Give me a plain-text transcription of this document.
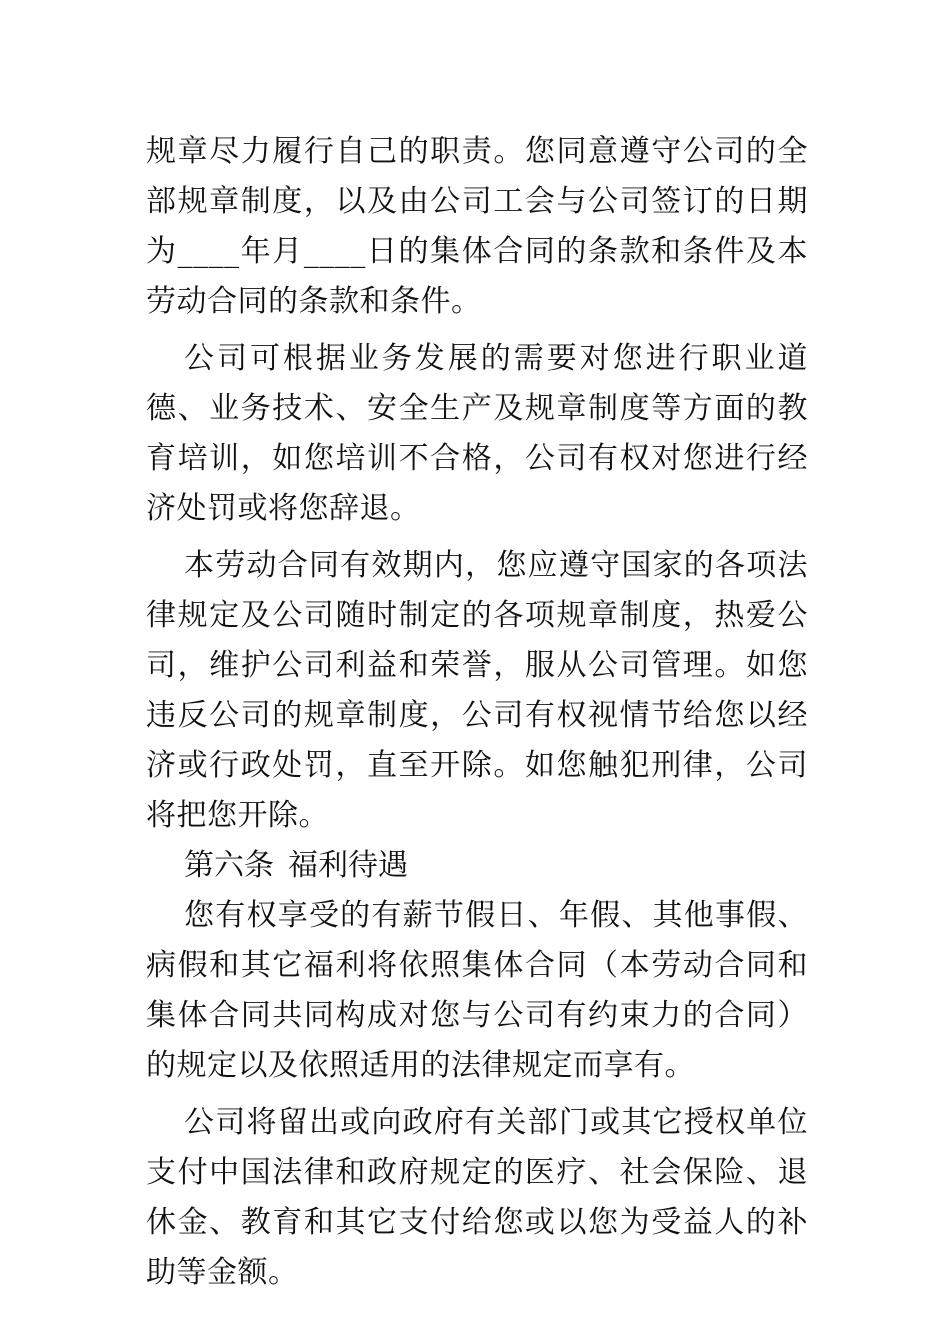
规章尽力履行自己的职责。您同意遵守公司的全部规章制度，以及由公司工会与公司签订的日期为____年月____日的集体合同的条款和条件及本劳动合同的条款和条件。

公司可根据业务发展的需要对您进行职业道德、业务技术、安全生产及规章制度等方面的教育培训，如您培训不合格，公司有权对您进行经济处罚或将您辞退。

本劳动合同有效期内，您应遵守国家的各项法律规定及公司随时制定的各项规章制度，热爱公司，维护公司利益和荣誉，服从公司管理。如您违反公司的规章制度，公司有权视情节给您以经济或行政处罚，直至开除。如您触犯刑律，公司将把您开除。

第六条 福利待遇

您有权享受的有薪节假日、年假、其他事假、病假和其它福利将依照集体合同（本劳动合同和集体合同共同构成对您与公司有约束力的合同）的规定以及依照适用的法律规定而享有。

公司将留出或向政府有关部门或其它授权单位支付中国法律和政府规定的医疗、社会保险、退休金、教育和其它支付给您或以您为受益人的补助等金额。
